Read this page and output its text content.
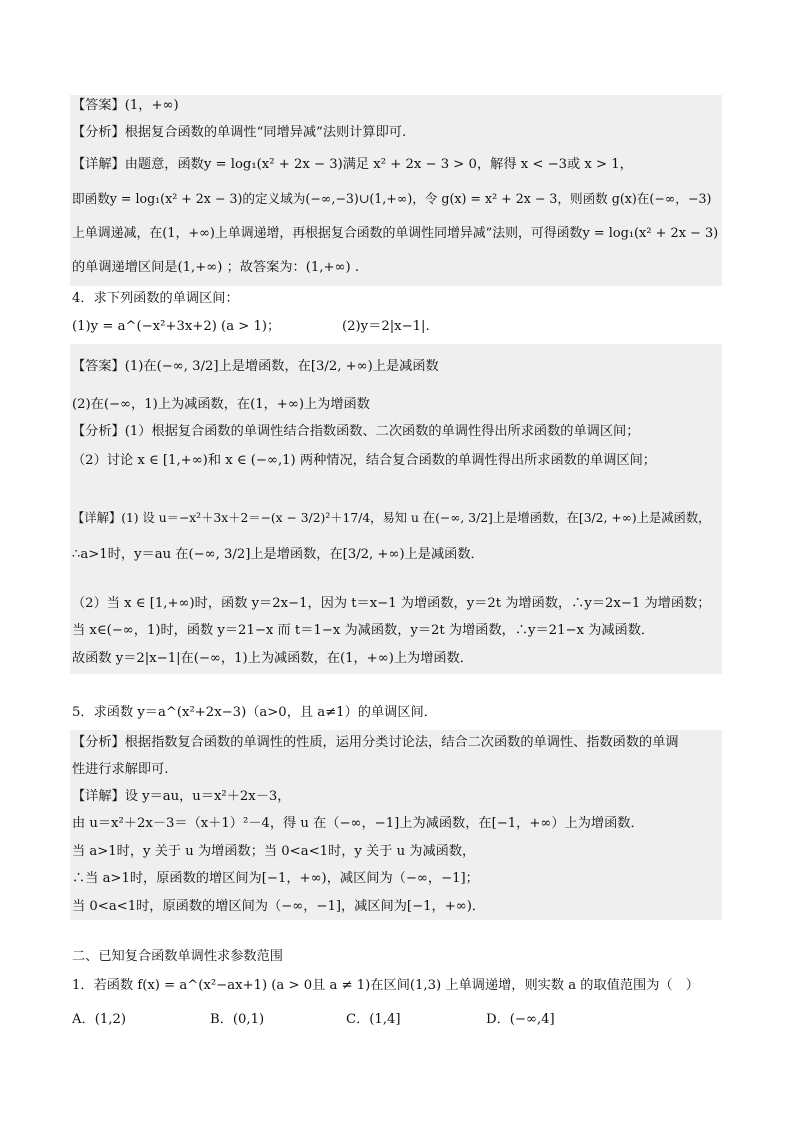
【答案】(1，+∞)
【分析】根据复合函数的单调性“同增异减”法则计算即可.
【详解】由题意，函数y = log₁(x² + 2x − 3)满足 x² + 2x − 3 > 0，解得 x < −3或 x > 1，
即函数y = log₁(x² + 2x − 3)的定义域为(−∞,−3)∪(1,+∞)，令 g(x) = x² + 2x − 3，则函数 g(x)在(−∞，−3)
上单调递减，在(1，+∞)上单调递增，再根据复合函数的单调性同增异减”法则，可得函数y = log₁(x² + 2x − 3)
的单调递增区间是(1,+∞) ；故答案为：(1,+∞) .
4．求下列函数的单调区间：
(1)y = a^(−x²+3x+2) (a > 1)；	(2)y＝2|x−1|.
【答案】(1)在(−∞, 3/2]上是增函数，在[3/2, +∞)上是减函数
(2)在(−∞，1)上为减函数，在(1，+∞)上为增函数
【分析】(1）根据复合函数的单调性结合指数函数、二次函数的单调性得出所求函数的单调区间；
（2）讨论 x ∈ [1,+∞)和 x ∈ (−∞,1) 两种情况，结合复合函数的单调性得出所求函数的单调区间；
【详解】(1) 设 u＝−x²＋3x＋2＝−(x − 3/2)²＋17/4，易知 u 在(−∞, 3/2]上是增函数，在[3/2, +∞)上是减函数，
∴a>1时，y＝au 在(−∞, 3/2]上是增函数，在[3/2, +∞)上是减函数．
（2）当 x ∈ [1,+∞)时，函数 y＝2x−1，因为 t＝x−1 为增函数，y＝2t 为增函数，∴y＝2x−1 为增函数；
当 x∈(−∞，1)时，函数 y＝21−x 而 t＝1−x 为减函数，y＝2t 为增函数，∴y＝21−x 为减函数．
故函数 y＝2|x−1|在(−∞，1)上为减函数，在(1，+∞)上为增函数．
5．求函数 y＝a^(x²+2x−3)（a>0，且 a≠1）的单调区间．
【分析】根据指数复合函数的单调性的性质，运用分类讨论法，结合二次函数的单调性、指数函数的单调
性进行求解即可.
【详解】设 y＝au，u＝x²＋2x－3，
由 u＝x²＋2x－3＝（x＋1）²－4，得 u 在（−∞，−1]上为减函数，在[−1，+∞）上为增函数．
当 a>1时，y 关于 u 为增函数；当 0<a<1时，y 关于 u 为减函数，
∴当 a>1时，原函数的增区间为[−1，+∞)，减区间为（−∞，−1]；
当 0<a<1时，原函数的增区间为（−∞，−1]，减区间为[−1，+∞)．
二、已知复合函数单调性求参数范围
1．若函数 f(x) = a^(x²−ax+1) (a > 0且 a ≠ 1)在区间(1,3) 上单调递增，则实数 a 的取值范围为（　）
A．(1,2)	B．(0,1)	C．(1,4]	D．(−∞,4]
